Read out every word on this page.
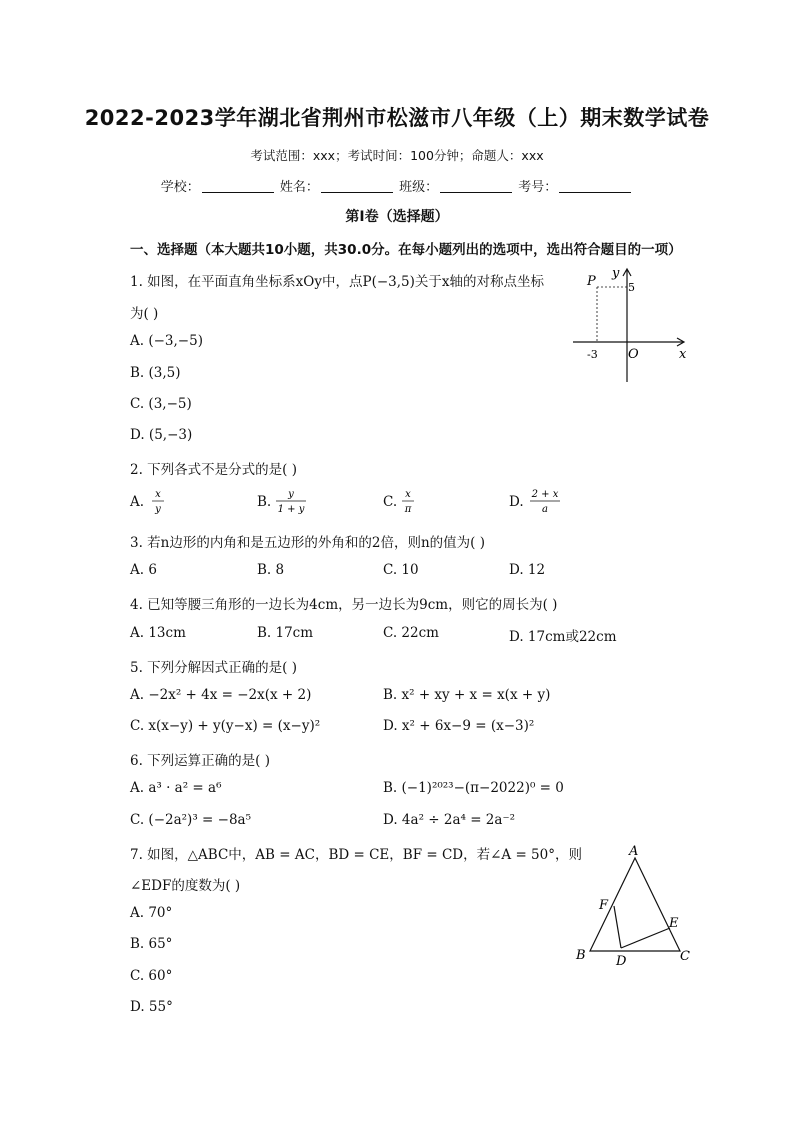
2022-2023学年湖北省荆州市松滋市八年级（上）期末数学试卷
考试范围：xxx；考试时间：100分钟；命题人：xxx
学校：	姓名：	班级：	考号：
第I卷（选择题）
一、选择题（本大题共10小题，共30.0分。在每小题列出的选项中，选出符合题目的一项）
1. 如图，在平面直角坐标系xOy中，点P(−3,5)关于x轴的对称点坐标
为( )
A. (−3,−5)
B. (3,5)
C. (3,−5)
D. (5,−3)
P
y
5
-3 O	x
2. 下列各式不是分式的是( )
A. x
y	B. y
1 + y	C. x
π	D. 2 + x
a
3. 若n边形的内角和是五边形的外角和的2倍，则n的值为( )
A. 6	B. 8	C. 10	D. 12
4. 已知等腰三角形的一边长为4cm，另一边长为9cm，则它的周长为( )
A. 13cm	B. 17cm	C. 22cm	D. 17cm或22cm
5. 下列分解因式正确的是( )
A. −2x² + 4x = −2x(x + 2)	B. x² + xy + x = x(x + y)
C. x(x−y) + y(y−x) = (x−y)²	D. x² + 6x−9 = (x−3)²
6. 下列运算正确的是( )
A. a³ · a² = a⁶	B. (−1)²⁰²³−(π−2022)⁰ = 0
C. (−2a²)³ = −8a⁵	D. 4a² ÷ 2a⁴ = 2a⁻²
7. 如图，△ABC中，AB = AC，BD = CE，BF = CD，若∠A = 50°，则
∠EDF的度数为( )
A. 70°
B. 65°
C. 60°
D. 55°
A
B	C
D
E
F
